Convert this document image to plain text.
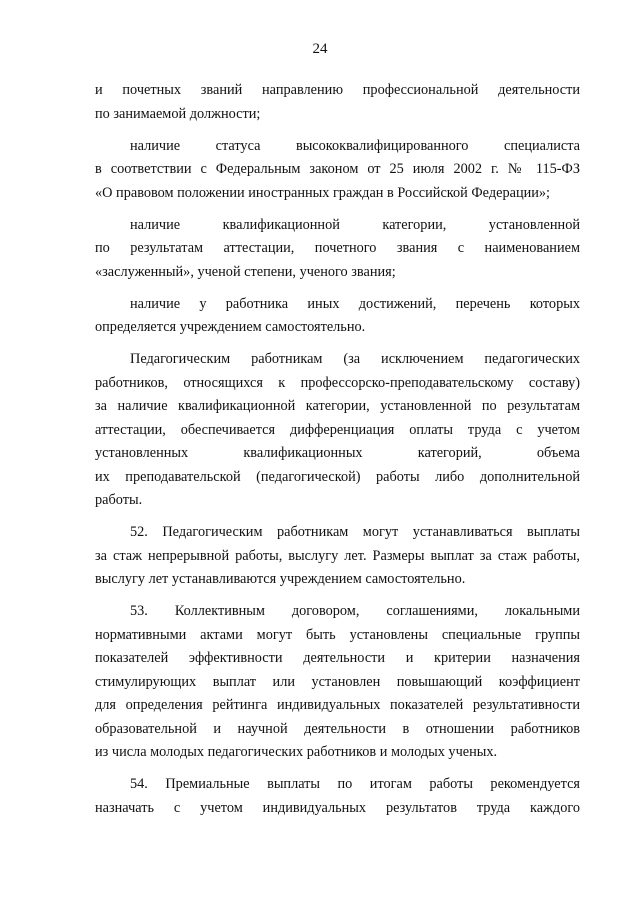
24
и почетных званий направлению профессиональной деятельности
по занимаемой должности;
наличие статуса высококвалифицированного специалиста
в соответствии с Федеральным законом от 25 июля 2002 г. № 115-ФЗ
«О правовом положении иностранных граждан в Российской Федерации»;
наличие квалификационной категории, установленной
по результатам аттестации, почетного звания с наименованием
«заслуженный», ученой степени, ученого звания;
наличие у работника иных достижений, перечень которых
определяется учреждением самостоятельно.
Педагогическим работникам (за исключением педагогических
работников, относящихся к профессорско-преподавательскому составу)
за наличие квалификационной категории, установленной по результатам
аттестации, обеспечивается дифференциация оплаты труда с учетом
установленных квалификационных категорий, объема
их преподавательской (педагогической) работы либо дополнительной
работы.
52. Педагогическим работникам могут устанавливаться выплаты
за стаж непрерывной работы, выслугу лет. Размеры выплат за стаж работы,
выслугу лет устанавливаются учреждением самостоятельно.
53. Коллективным договором, соглашениями, локальными
нормативными актами могут быть установлены специальные группы
показателей эффективности деятельности и критерии назначения
стимулирующих выплат или установлен повышающий коэффициент
для определения рейтинга индивидуальных показателей результативности
образовательной и научной деятельности в отношении работников
из числа молодых педагогических работников и молодых ученых.
54. Премиальные выплаты по итогам работы рекомендуется
назначать с учетом индивидуальных результатов труда каждого
